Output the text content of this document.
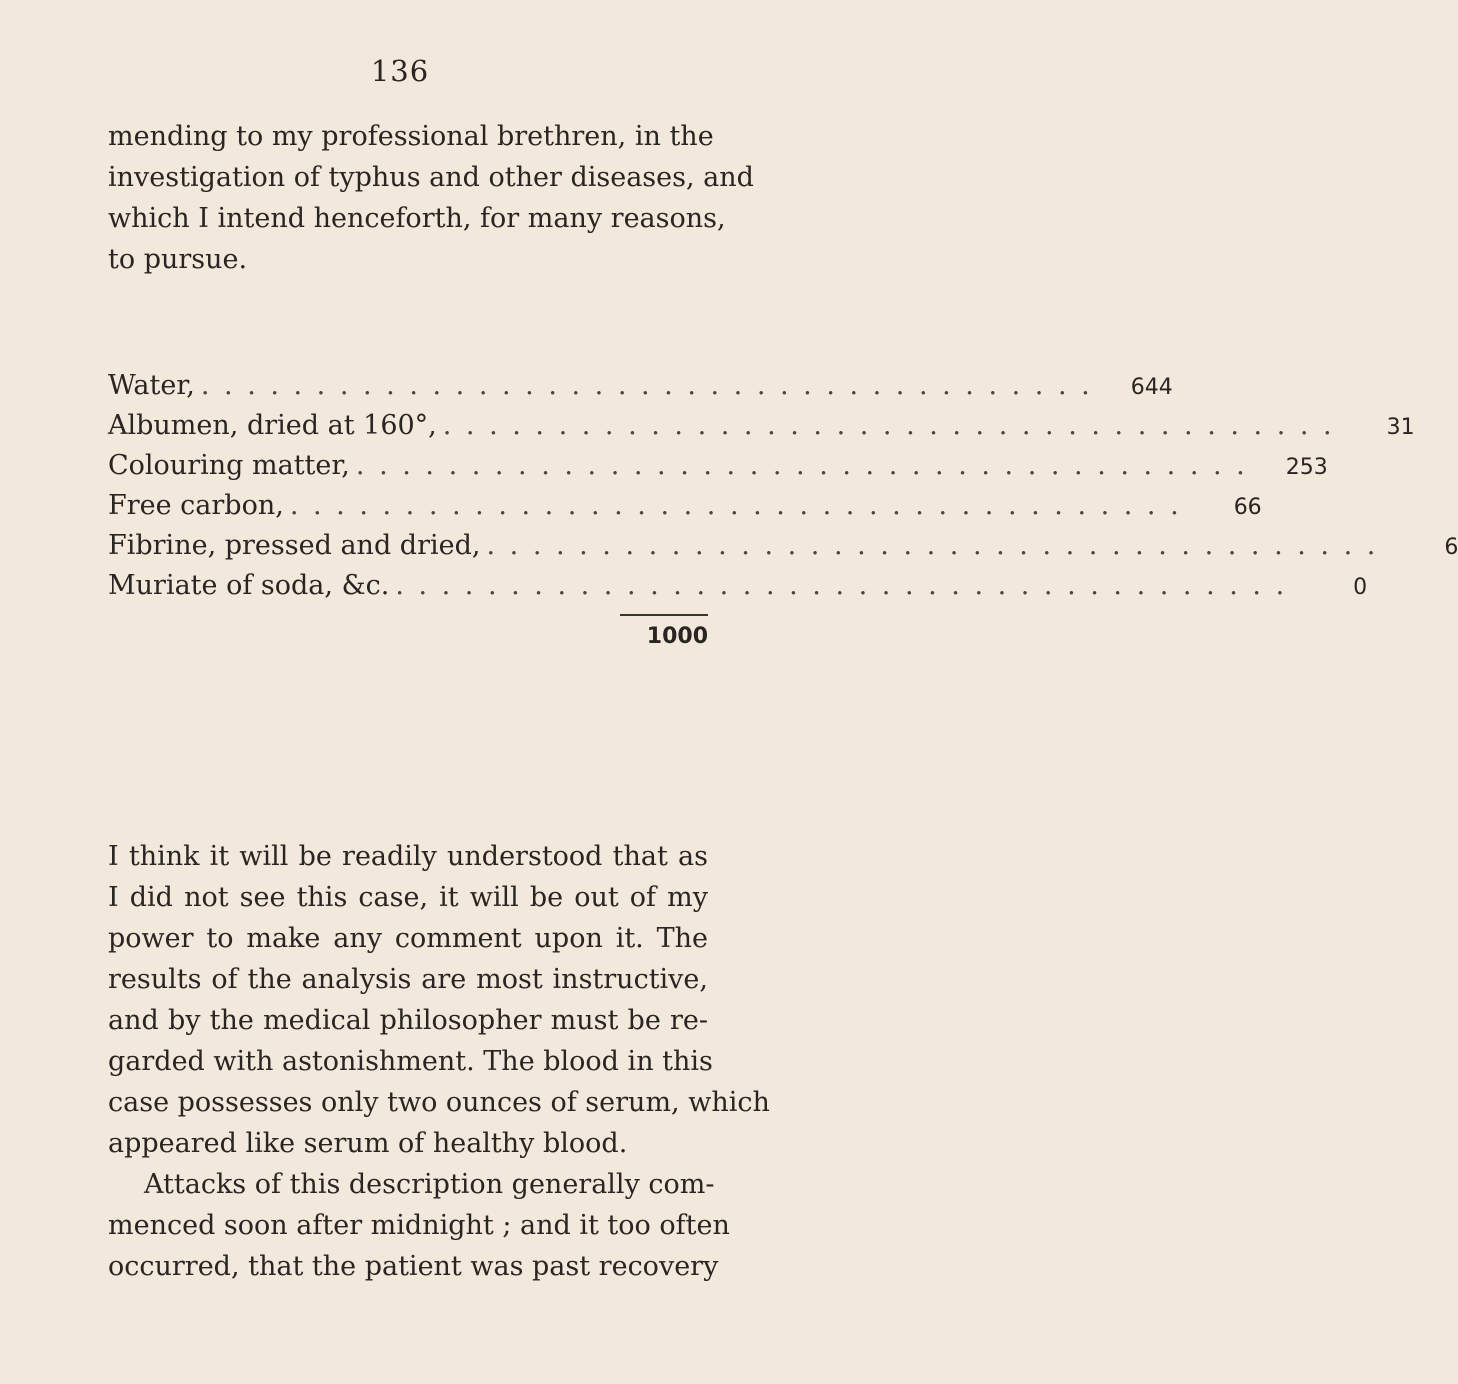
136
mending to my professional brethren, in the
investigation of typhus and other diseases, and
which I intend henceforth, for many reasons,
to pursue.
Water, . . . . . . . . . . . . . . . . . . . . . . . . . . . . . . . . . . . . . . .	644
Albumen, dried at 160°, . . . . . . . . . . . . . . . . . . . . . . . . . . . . . . . . . . . . . . .	31
Colouring matter, . . . . . . . . . . . . . . . . . . . . . . . . . . . . . . . . . . . . . . .	253
Free carbon, . . . . . . . . . . . . . . . . . . . . . . . . . . . . . . . . . . . . . . .	66
Fibrine, pressed and dried, . . . . . . . . . . . . . . . . . . . . . . . . . . . . . . . . . . . . . . .	6
Muriate of soda, &c. . . . . . . . . . . . . . . . . . . . . . . . . . . . . . . . . . . . . . . .	0
1000
I think it will be readily understood that as
I did not see this case, it will be out of my
power to make any comment upon it. The
results of the analysis are most instructive,
and by the medical philosopher must be re-
garded with astonishment. The blood in this
case possesses only two ounces of serum, which
appeared like serum of healthy blood.
Attacks of this description generally com-
menced soon after midnight ; and it too often
occurred, that the patient was past recovery
